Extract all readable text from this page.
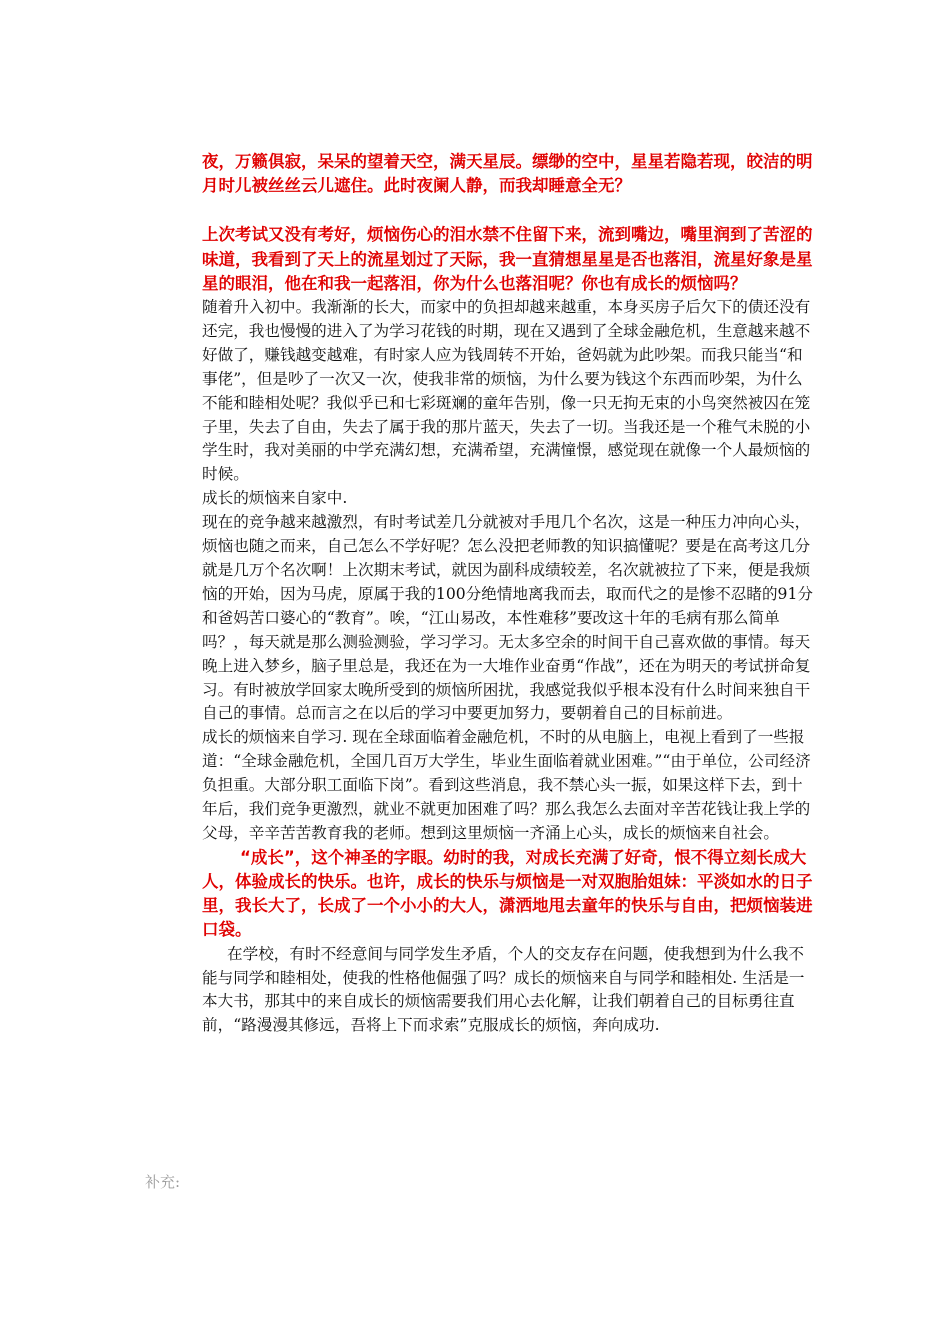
夜，万籁俱寂，呆呆的望着天空，满天星辰。缥缈的空中，星星若隐若现，皎洁的明月时儿被丝丝云儿遮住。此时夜阑人静，而我却睡意全无？

上次考试又没有考好，烦恼伤心的泪水禁不住留下来，流到嘴边，嘴里润到了苦涩的味道，我看到了天上的流星划过了天际，我一直猜想星星是否也落泪，流星好象是星星的眼泪，他在和我一起落泪，你为什么也落泪呢？你也有成长的烦恼吗？

随着升入初中。我渐渐的长大，而家中的负担却越来越重，本身买房子后欠下的债还没有还完，我也慢慢的进入了为学习花钱的时期，现在又遇到了全球金融危机，生意越来越不好做了，赚钱越变越难，有时家人应为钱周转不开始，爸妈就为此吵架。而我只能当“和事佬”，但是吵了一次又一次，使我非常的烦恼，为什么要为钱这个东西而吵架，为什么不能和睦相处呢？我似乎已和七彩斑斓的童年告别，像一只无拘无束的小鸟突然被囚在笼子里，失去了自由，失去了属于我的那片蓝天，失去了一切。当我还是一个稚气未脱的小学生时，我对美丽的中学充满幻想，充满希望，充满憧憬，感觉现在就像一个人最烦恼的时候。

成长的烦恼来自家中.

现在的竞争越来越激烈，有时考试差几分就被对手甩几个名次，这是一种压力冲向心头，烦恼也随之而来，自己怎么不学好呢？怎么没把老师教的知识搞懂呢？要是在高考这几分就是几万个名次啊！上次期末考试，就因为副科成绩较差，名次就被拉了下来，便是我烦恼的开始，因为马虎，原属于我的100分绝情地离我而去，取而代之的是惨不忍睹的91分和爸妈苦口婆心的“教育”。唉，“江山易改，本性难移”要改这十年的毛病有那么简单吗？，每天就是那么测验测验，学习学习。无太多空余的时间干自己喜欢做的事情。每天晚上进入梦乡，脑子里总是，我还在为一大堆作业奋勇“作战”，还在为明天的考试拼命复习。有时被放学回家太晚所受到的烦恼所困扰，我感觉我似乎根本没有什么时间来独自干自己的事情。总而言之在以后的学习中要更加努力，要朝着自己的目标前进。

成长的烦恼来自学习. 现在全球面临着金融危机，不时的从电脑上，电视上看到了一些报道：“全球金融危机，全国几百万大学生，毕业生面临着就业困难。”“由于单位，公司经济负担重。大部分职工面临下岗”。看到这些消息，我不禁心头一振，如果这样下去，到十年后，我们竞争更激烈，就业不就更加困难了吗？那么我怎么去面对辛苦花钱让我上学的父母，辛辛苦苦教育我的老师。想到这里烦恼一齐涌上心头，成长的烦恼来自社会。

“成长”，这个神圣的字眼。幼时的我，对成长充满了好奇，恨不得立刻长成大人，体验成长的快乐。也许，成长的快乐与烦恼是一对双胞胎姐妹：平淡如水的日子里，我长大了，长成了一个小小的大人，潇洒地甩去童年的快乐与自由，把烦恼装进口袋。

在学校，有时不经意间与同学发生矛盾，个人的交友存在问题，使我想到为什么我不能与同学和睦相处，使我的性格他倔强了吗？成长的烦恼来自与同学和睦相处. 生活是一本大书，那其中的来自成长的烦恼需要我们用心去化解，让我们朝着自己的目标勇往直前，“路漫漫其修远，吾将上下而求索”克服成长的烦恼，奔向成功.

补充:
